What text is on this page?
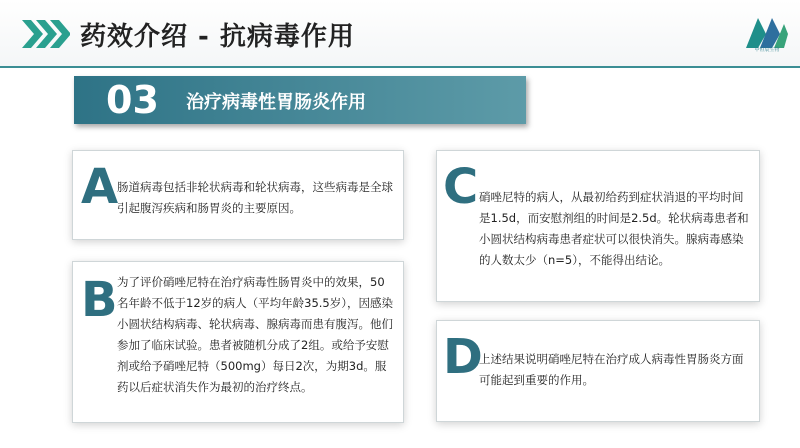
药效介绍 - 抗病毒作用	中恒辰生物
03 治疗病毒性胃肠炎作用
A
肠道病毒包括非轮状病毒和轮状病毒，这些病毒是全球引起腹泻疾病和肠胃炎的主要原因。
B 为了评价硝唑尼特在治疗病毒性肠胃炎中的效果，50名年龄不低于12岁的病人（平均年龄35.5岁），因感染小圆状结构病毒、轮状病毒、腺病毒而患有腹泻。他们参加了临床试验。患者被随机分成了2组。或给予安慰剂或给予硝唑尼特（500mg）每日2次，为期3d。服药以后症状消失作为最初的治疗终点。
C 硝唑尼特的病人，从最初给药到症状消退的平均时间是1.5d，而安慰剂组的时间是2.5d。轮状病毒患者和小圆状结构病毒患者症状可以很快消失。腺病毒感染的人数太少（n=5），不能得出结论。
D
上述结果说明硝唑尼特在治疗成人病毒性胃肠炎方面可能起到重要的作用。
